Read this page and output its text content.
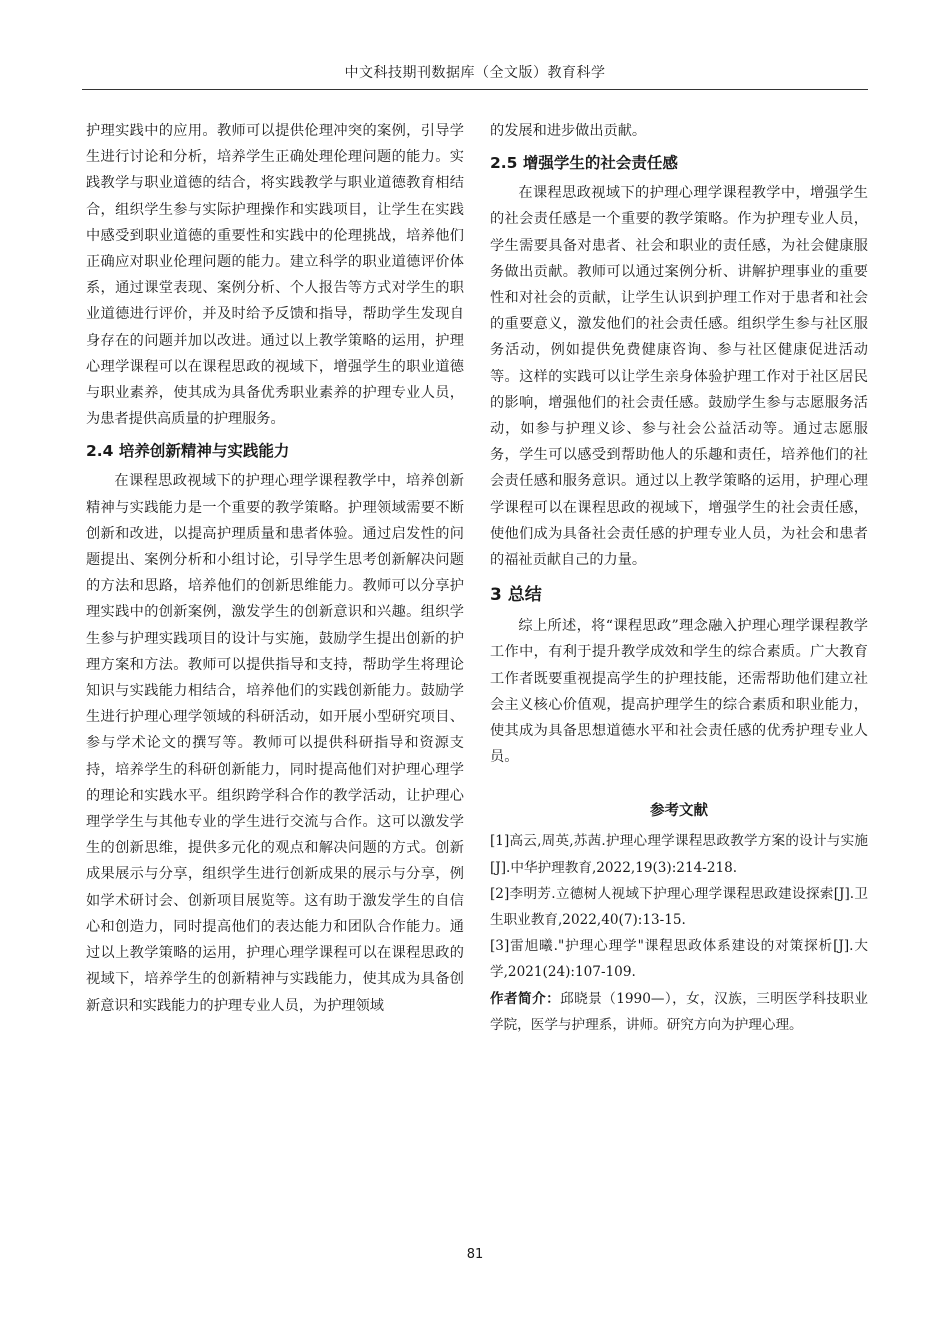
中文科技期刊数据库（全文版）教育科学

护理实践中的应用。教师可以提供伦理冲突的案例，引导学生进行讨论和分析，培养学生正确处理伦理问题的能力。实践教学与职业道德的结合，将实践教学与职业道德教育相结合，组织学生参与实际护理操作和实践项目，让学生在实践中感受到职业道德的重要性和实践中的伦理挑战，培养他们正确应对职业伦理问题的能力。建立科学的职业道德评价体系，通过课堂表现、案例分析、个人报告等方式对学生的职业道德进行评价，并及时给予反馈和指导，帮助学生发现自身存在的问题并加以改进。通过以上教学策略的运用，护理心理学课程可以在课程思政的视域下，增强学生的职业道德与职业素养，使其成为具备优秀职业素养的护理专业人员，为患者提供高质量的护理服务。

2.4 培养创新精神与实践能力

在课程思政视域下的护理心理学课程教学中，培养创新精神与实践能力是一个重要的教学策略。护理领域需要不断创新和改进，以提高护理质量和患者体验。通过启发性的问题提出、案例分析和小组讨论，引导学生思考创新解决问题的方法和思路，培养他们的创新思维能力。教师可以分享护理实践中的创新案例，激发学生的创新意识和兴趣。组织学生参与护理实践项目的设计与实施，鼓励学生提出创新的护理方案和方法。教师可以提供指导和支持，帮助学生将理论知识与实践能力相结合，培养他们的实践创新能力。鼓励学生进行护理心理学领域的科研活动，如开展小型研究项目、参与学术论文的撰写等。教师可以提供科研指导和资源支持，培养学生的科研创新能力，同时提高他们对护理心理学的理论和实践水平。组织跨学科合作的教学活动，让护理心理学学生与其他专业的学生进行交流与合作。这可以激发学生的创新思维，提供多元化的观点和解决问题的方式。创新成果展示与分享，组织学生进行创新成果的展示与分享，例如学术研讨会、创新项目展览等。这有助于激发学生的自信心和创造力，同时提高他们的表达能力和团队合作能力。通过以上教学策略的运用，护理心理学课程可以在课程思政的视域下，培养学生的创新精神与实践能力，使其成为具备创新意识和实践能力的护理专业人员，为护理领域

的发展和进步做出贡献。

2.5 增强学生的社会责任感

在课程思政视域下的护理心理学课程教学中，增强学生的社会责任感是一个重要的教学策略。作为护理专业人员，学生需要具备对患者、社会和职业的责任感，为社会健康服务做出贡献。教师可以通过案例分析、讲解护理事业的重要性和对社会的贡献，让学生认识到护理工作对于患者和社会的重要意义，激发他们的社会责任感。组织学生参与社区服务活动，例如提供免费健康咨询、参与社区健康促进活动等。这样的实践可以让学生亲身体验护理工作对于社区居民的影响，增强他们的社会责任感。鼓励学生参与志愿服务活动，如参与护理义诊、参与社会公益活动等。通过志愿服务，学生可以感受到帮助他人的乐趣和责任，培养他们的社会责任感和服务意识。通过以上教学策略的运用，护理心理学课程可以在课程思政的视域下，增强学生的社会责任感，使他们成为具备社会责任感的护理专业人员，为社会和患者的福祉贡献自己的力量。

3 总结

综上所述，将“课程思政”理念融入护理心理学课程教学工作中，有利于提升教学成效和学生的综合素质。广大教育工作者既要重视提高学生的护理技能，还需帮助他们建立社会主义核心价值观，提高护理学生的综合素质和职业能力，使其成为具备思想道德水平和社会责任感的优秀护理专业人员。

参考文献

[1]高云,周英,苏茜.护理心理学课程思政教学方案的设计与实施[J].中华护理教育,2022,19(3):214-218.

[2]李明芳.立德树人视域下护理心理学课程思政建设探索[J].卫生职业教育,2022,40(7):13-15.

[3]雷旭曦."护理心理学"课程思政体系建设的对策探析[J].大学,2021(24):107-109.

作者简介：邱晓景（1990—），女，汉族，三明医学科技职业学院，医学与护理系，讲师。研究方向为护理心理。

81
